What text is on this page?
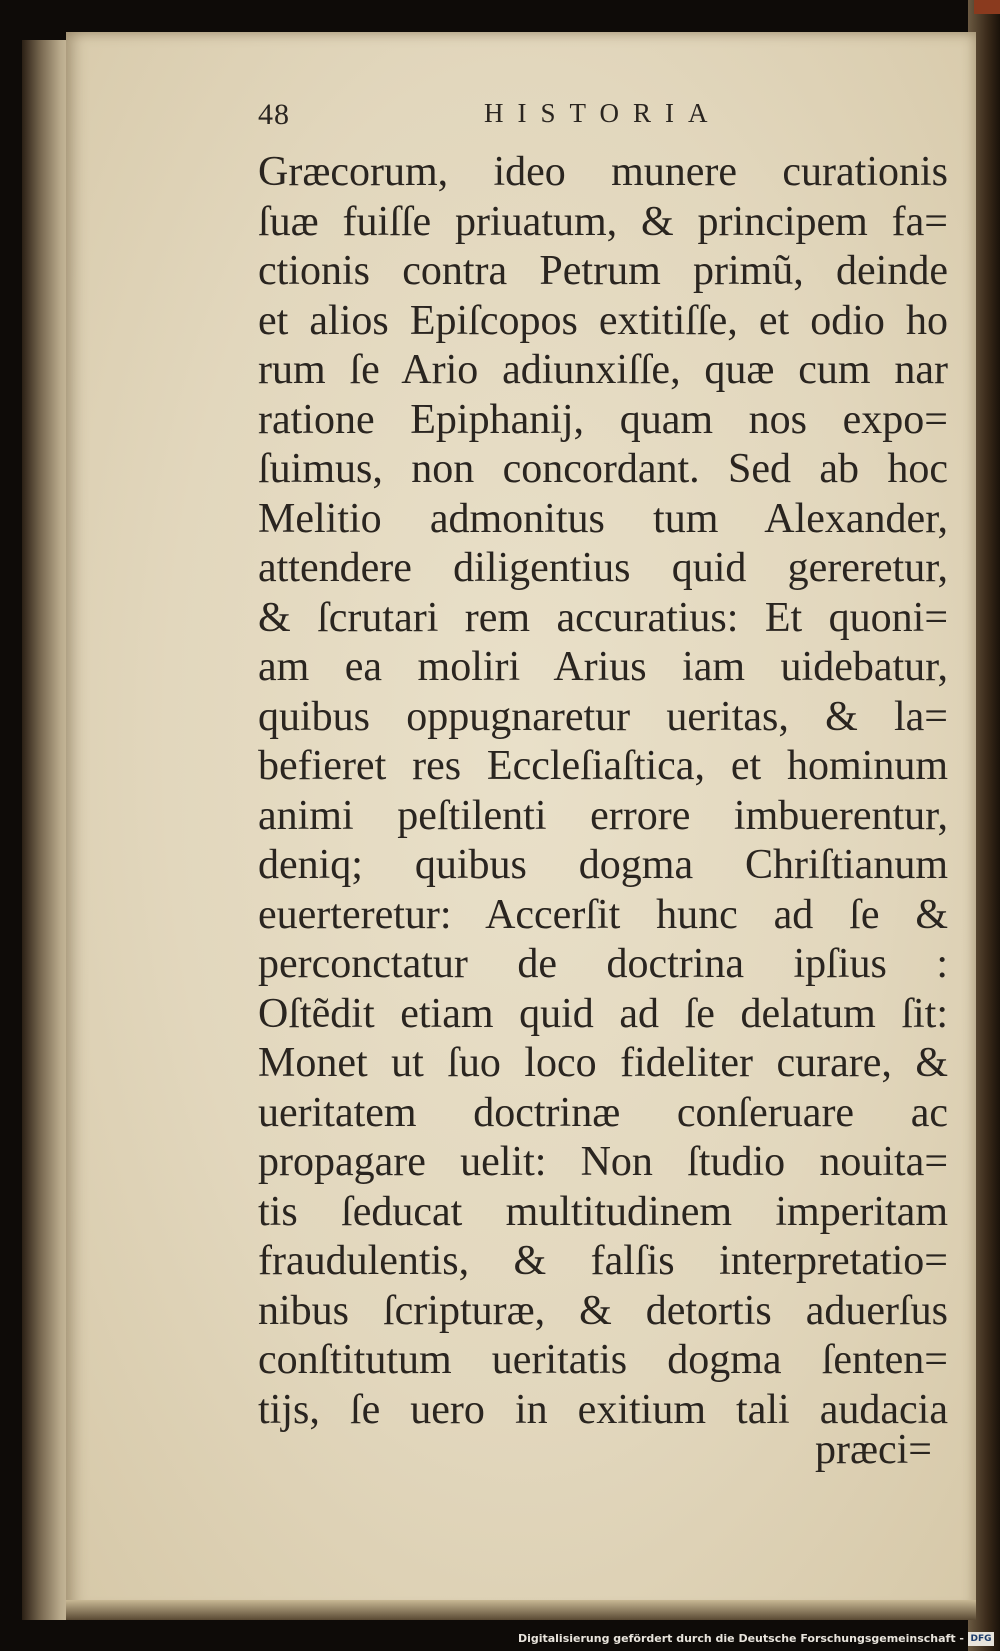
48	HISTORIA
Græcorum, ideo munere curationis
ſuæ fuiſſe priuatum, & principem fa=
ctionis contra Petrum primũ, deinde
et alios Epiſcopos extitiſſe, et odio ho
rum ſe Ario adiunxiſſe, quæ cum nar
ratione Epiphanij, quam nos expo=
ſuimus, non concordant. Sed ab hoc
Melitio admonitus tum Alexander,
attendere diligentius quid gereretur,
& ſcrutari rem accuratius: Et quoni=
am ea moliri Arius iam uidebatur,
quibus oppugnaretur ueritas, & la=
befieret res Eccleſiaſtica, et hominum
animi peſtilenti errore imbuerentur,
deniq; quibus dogma Chriſtianum
euerteretur: Accerſit hunc ad ſe &
perconctatur de doctrina ipſius :
Oſtẽdit etiam quid ad ſe delatum ſit:
Monet ut ſuo loco fideliter curare, &
ueritatem doctrinæ conſeruare ac
propagare uelit: Non ſtudio nouita=
tis ſeducat multitudinem imperitam
fraudulentis, & falſis interpretatio=
nibus ſcripturæ, & detortis aduerſus
conſtitutum ueritatis dogma ſenten=
tijs, ſe uero in exitium tali audacia
præci=
Digitalisierung gefördert durch die Deutsche Forschungsgemeinschaft - DFG
